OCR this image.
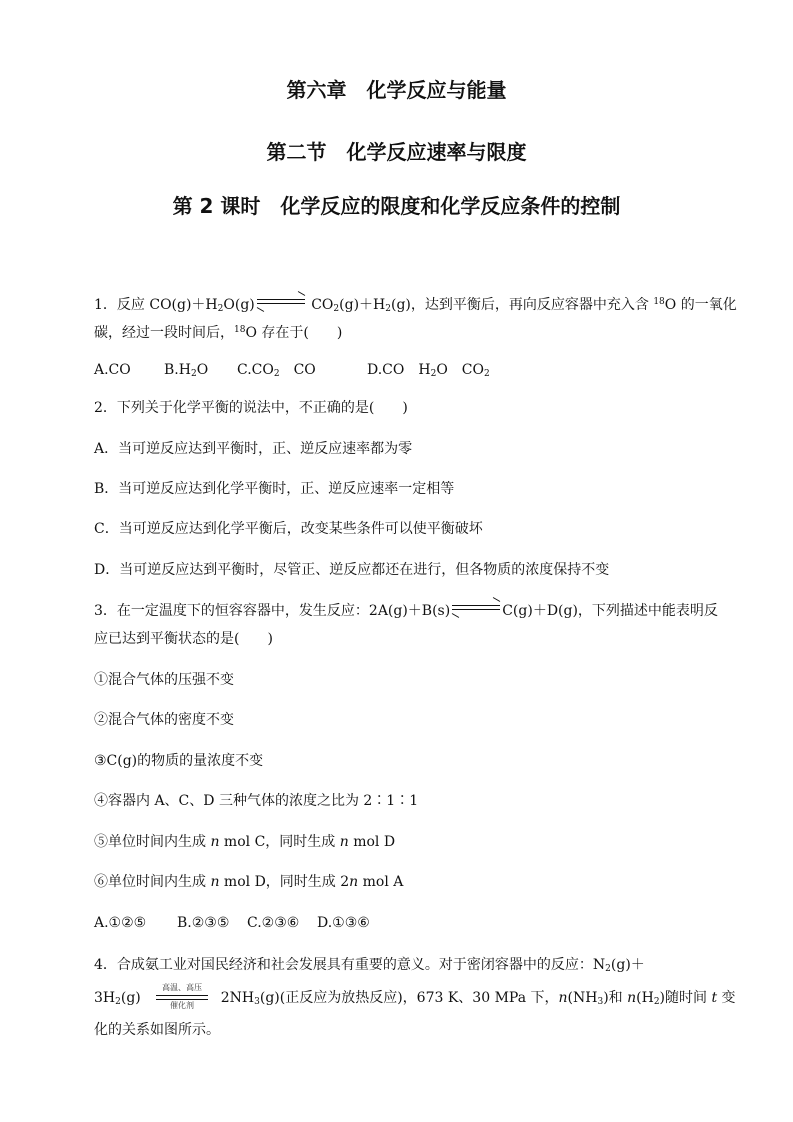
第六章　化学反应与能量
第二节　化学反应速率与限度
第 2 课时　化学反应的限度和化学反应条件的控制
1．反应 $CO(g)+H_2O(g)$ ⇌ $CO_2(g)+H_2(g)$，达到平衡后，再向反应容器中充入含 $^{18}$O 的一氧化
碳，经过一段时间后，$^{18}$O 存在于(　　)
A.CO $B.H_2O$ $C.CO_2$　CO	D.CO　$H_2O$　$CO_2$
2．下列关于化学平衡的说法中，不正确的是(　　)
A．当可逆反应达到平衡时，正、逆反应速率都为零
B．当可逆反应达到化学平衡时，正、逆反应速率一定相等
C．当可逆反应达到化学平衡后，改变某些条件可以使平衡破坏
D．当可逆反应达到平衡时，尽管正、逆反应都还在进行，但各物质的浓度保持不变
3．在一定温度下的恒容容器中，发生反应：2A(g)＋B(s) ⇌ C(g)＋D(g)，下列描述中能表明反
应已达到平衡状态的是(　　)
①混合气体的压强不变
②混合气体的密度不变
③C(g)的物质的量浓度不变
④容器内 A、C、D 三种气体的浓度之比为 2∶1∶1
⑤单位时间内生成 n mol C，同时生成 n mol D
⑥单位时间内生成 n mol D，同时生成 2n mol A
A.①②⑤ B.②③⑤ C.②③⑥ D.①③⑥
4．合成氨工业对国民经济和社会发展具有重要的意义。对于密闭容器中的反应：$N_2(g)+$
高温、高压
催化剂
$3H_2(g)$	$2NH_3(g)$(正反应为放热反应)，673 K、30 MPa 下，$n(NH_3)$和 $n(H_2)$随时间 t 变
化的关系如图所示。
